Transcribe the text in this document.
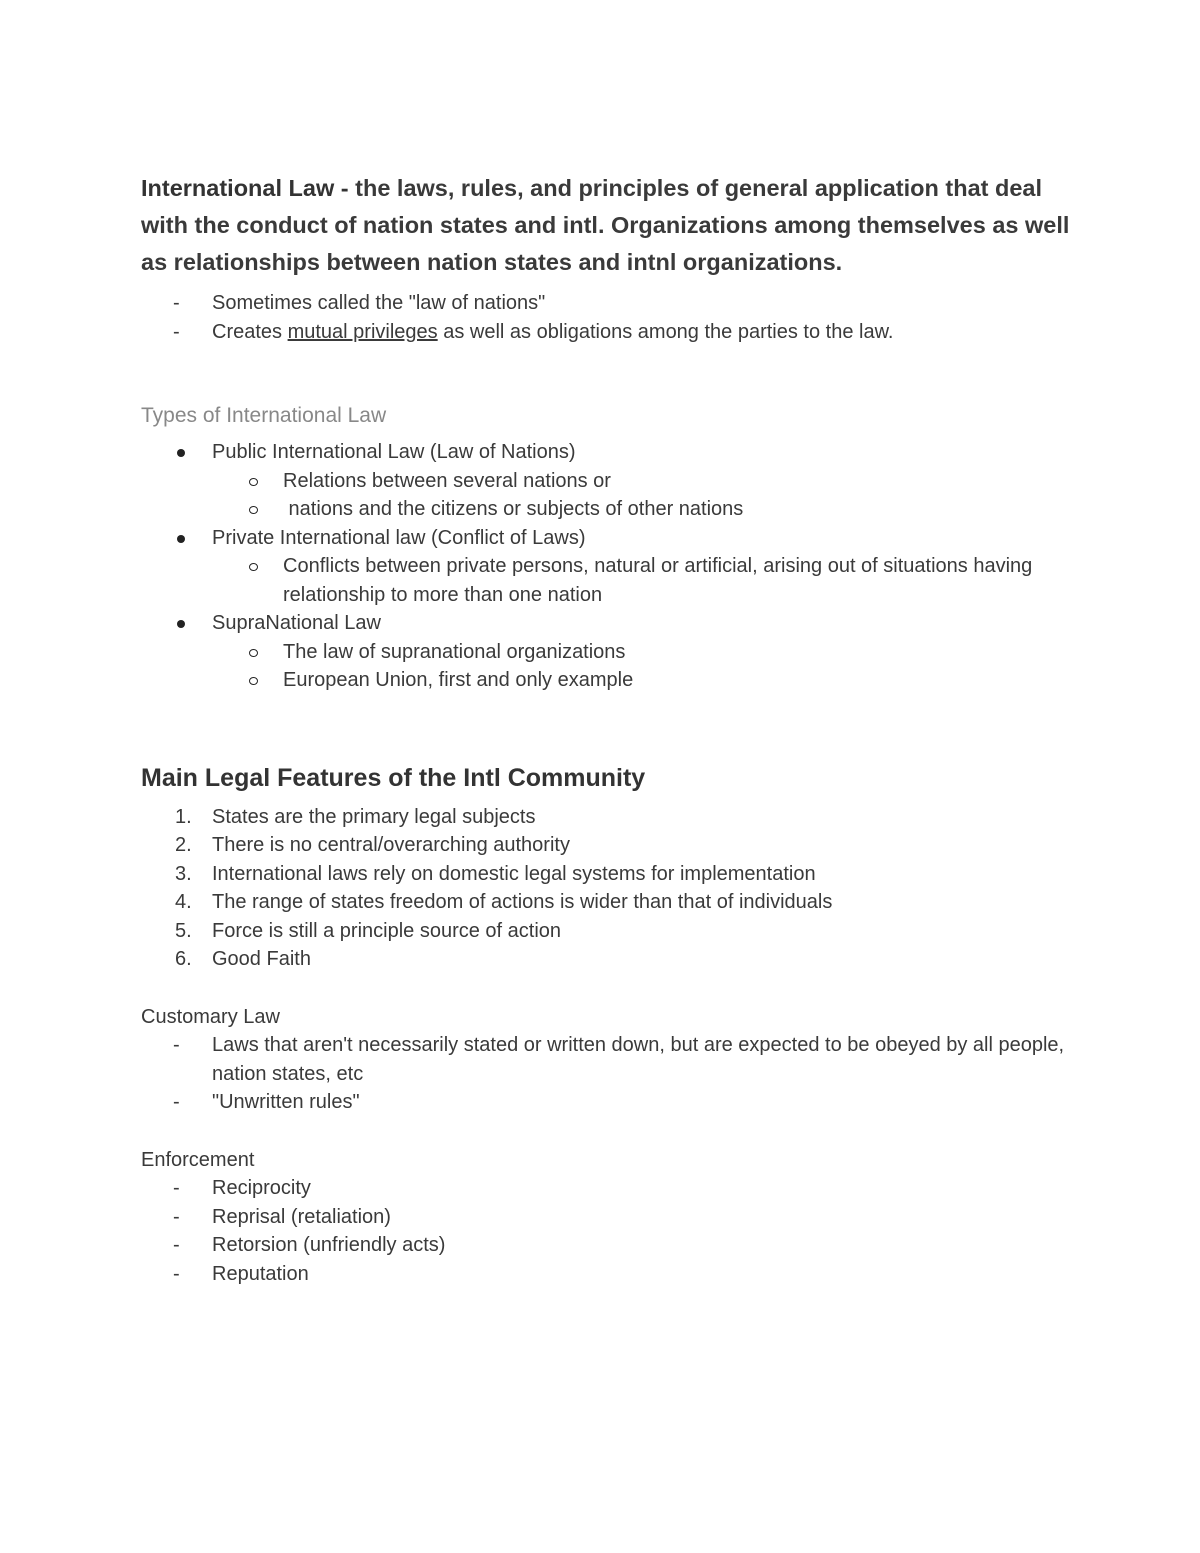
International Law - the laws, rules, and principles of general application that deal with the conduct of nation states and intl. Organizations among themselves as well as relationships between nation states and intnl organizations.

- Sometimes called the "law of nations"
- Creates mutual privileges as well as obligations among the parties to the law.
Types of International Law
Public International Law (Law of Nations)
Relations between several nations or
nations and the citizens or subjects of other nations
Private International law (Conflict of Laws)
Conflicts between private persons, natural or artificial, arising out of situations having relationship to more than one nation
SupraNational Law
The law of supranational organizations
European Union, first and only example
Main Legal Features of the Intl Community
1. States are the primary legal subjects
2. There is no central/overarching authority
3. International laws rely on domestic legal systems for implementation
4. The range of states freedom of actions is wider than that of individuals
5. Force is still a principle source of action
6. Good Faith

Customary Law

- Laws that aren't necessarily stated or written down, but are expected to be obeyed by all people, nation states, etc
- "Unwritten rules"

Enforcement

- Reciprocity
- Reprisal (retaliation)
- Retorsion (unfriendly acts)
- Reputation
